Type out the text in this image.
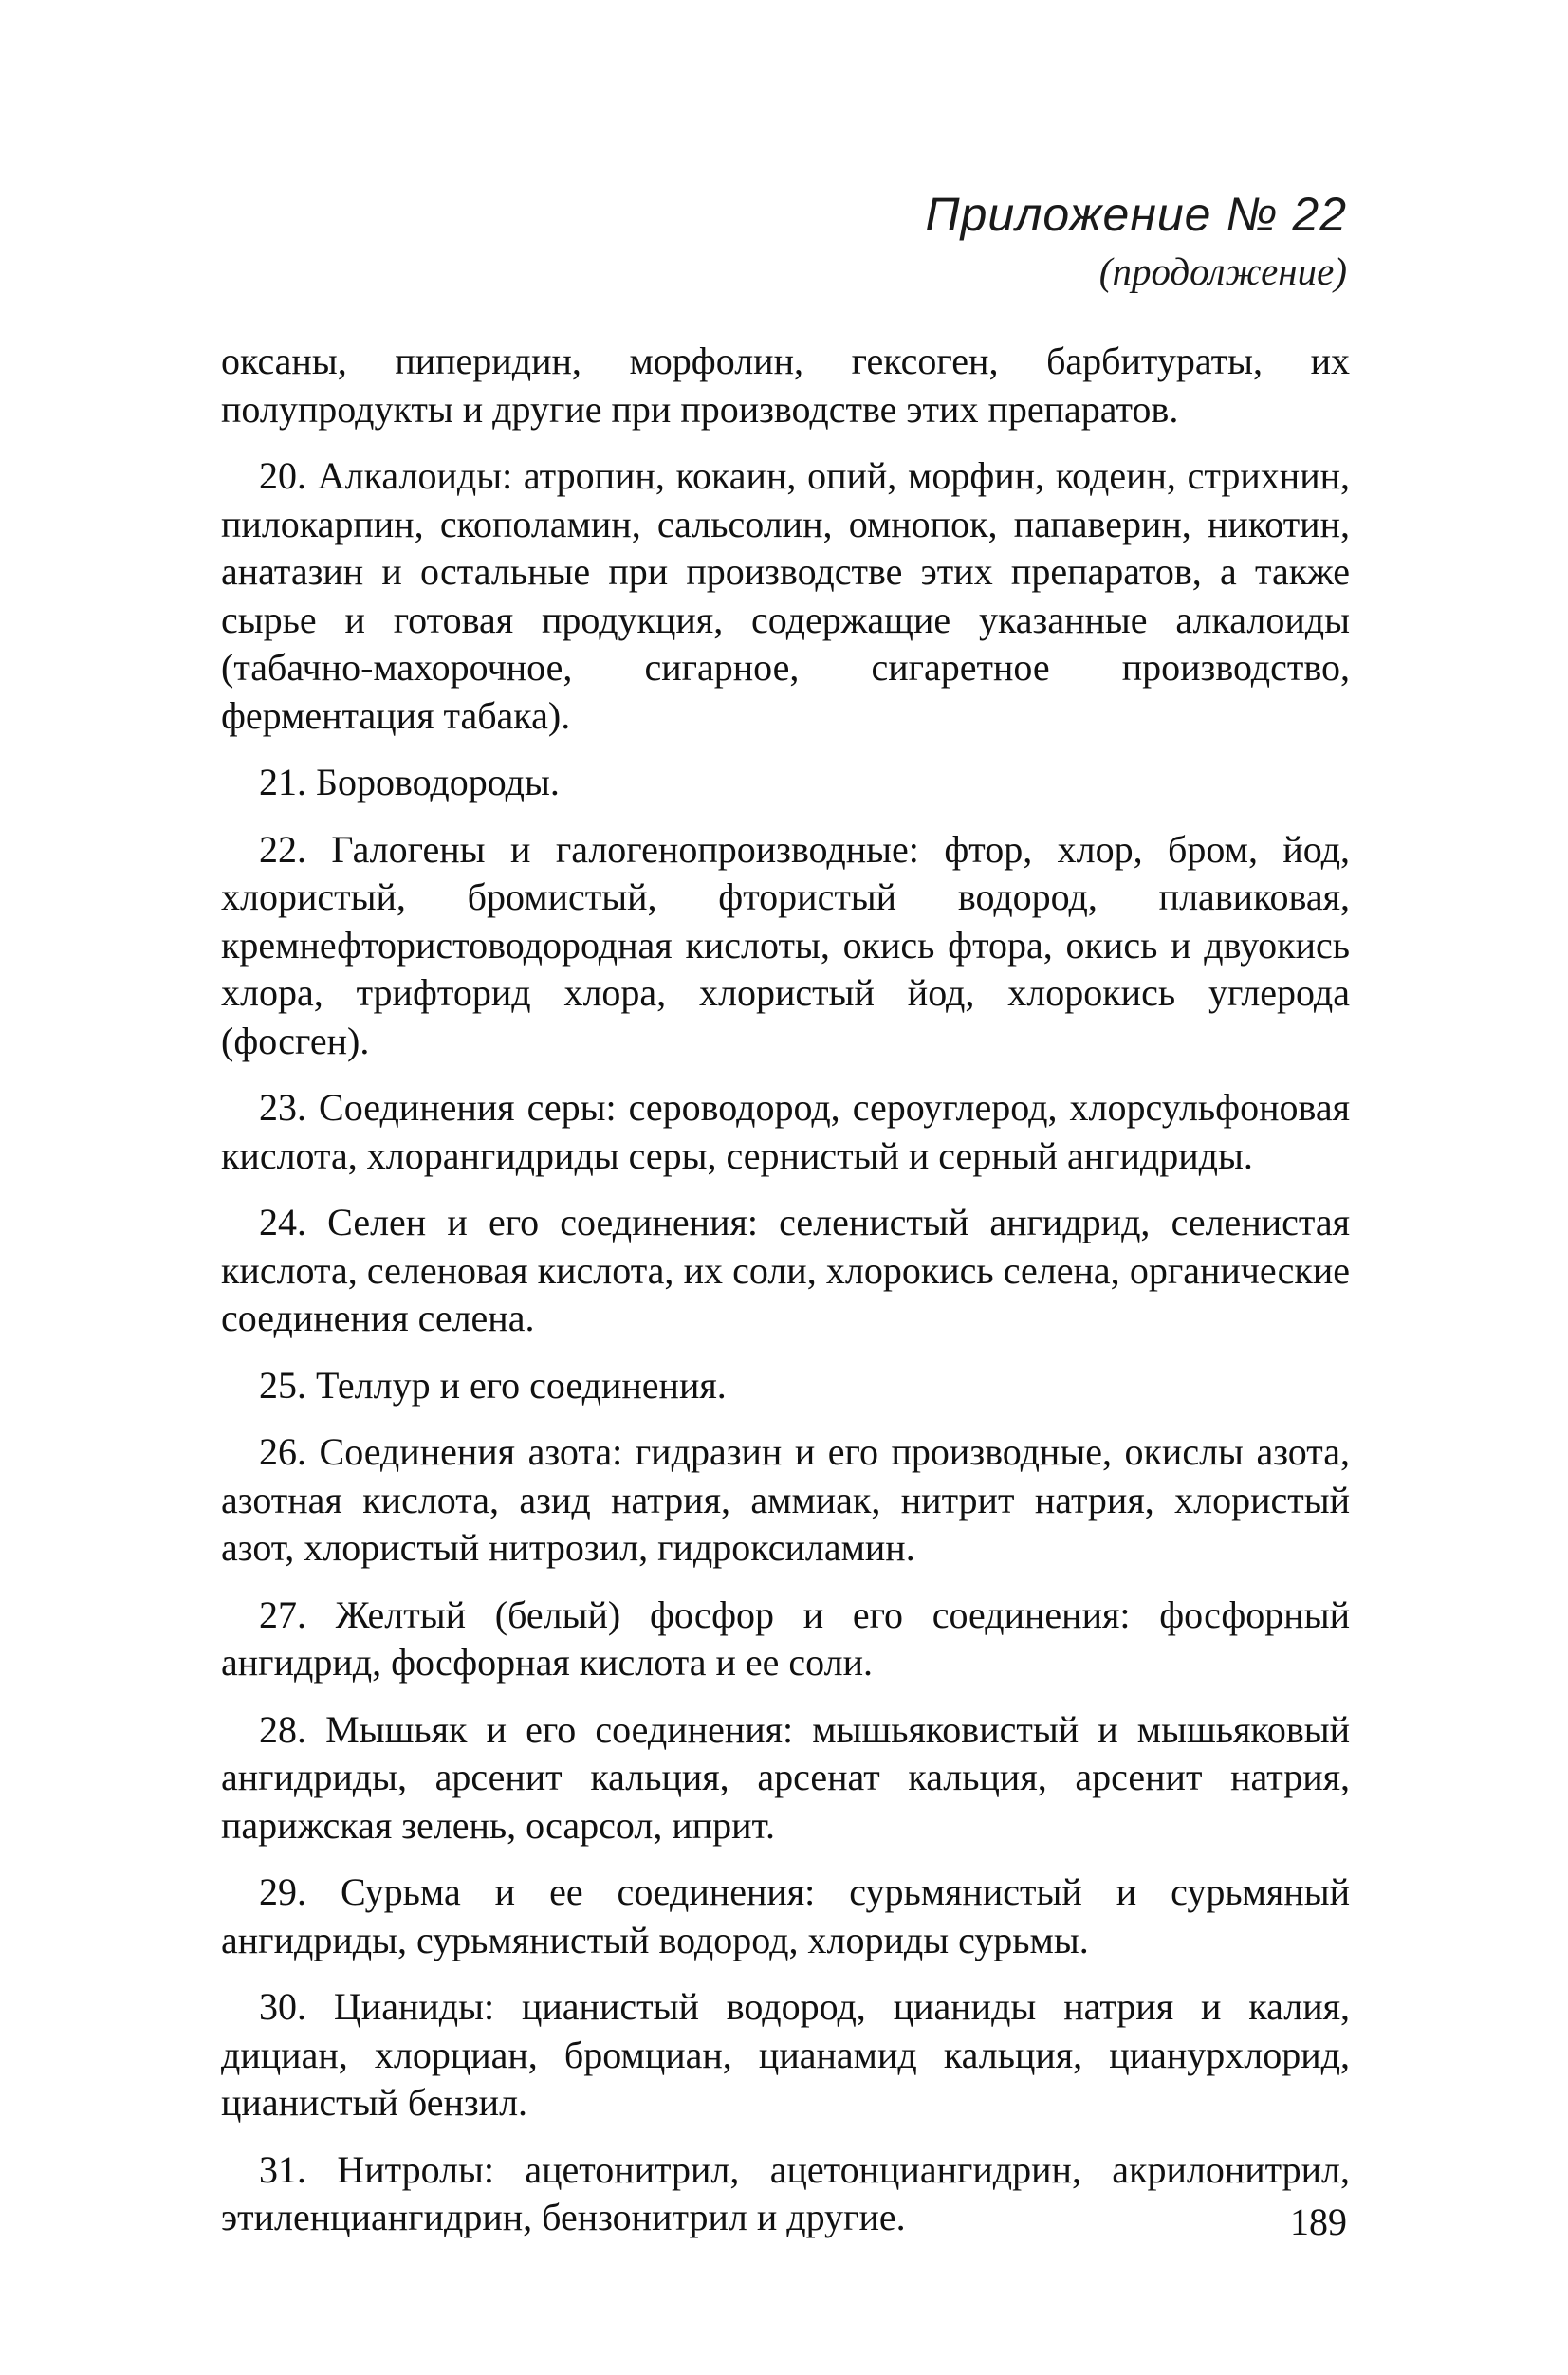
Приложение № 22
(продолжение)

оксаны, пиперидин, морфолин, гексоген, барбитураты, их полупродукты и другие при производстве этих препаратов.

20. Алкалоиды: атропин, кокаин, опий, морфин, кодеин, стрихнин, пилокарпин, скополамин, сальсолин, омнопок, папаверин, никотин, анатазин и остальные при производстве этих препаратов, а также сырье и готовая продукция, содержащие указанные алкалоиды (табачно-махорочное, сигарное, сигаретное производство, ферментация табака).

21. Бороводороды.

22. Галогены и галогенопроизводные: фтор, хлор, бром, йод, хлористый, бромистый, фтористый водород, плавиковая, кремнефтористоводородная кислоты, окись фтора, окись и двуокись хлора, трифторид хлора, хлористый йод, хлорокись углерода (фосген).

23. Соединения серы: сероводород, сероуглерод, хлорсульфоновая кислота, хлорангидриды серы, сернистый и серный ангидриды.

24. Селен и его соединения: селенистый ангидрид, селенистая кислота, селеновая кислота, их соли, хлорокись селена, органические соединения селена.

25. Теллур и его соединения.

26. Соединения азота: гидразин и его производные, окислы азота, азотная кислота, азид натрия, аммиак, нитрит натрия, хлористый азот, хлористый нитрозил, гидроксиламин.

27. Желтый (белый) фосфор и его соединения: фосфорный ангидрид, фосфорная кислота и ее соли.

28. Мышьяк и его соединения: мышьяковистый и мышьяковый ангидриды, арсенит кальция, арсенат кальция, арсенит натрия, парижская зелень, осарсол, иприт.

29. Сурьма и ее соединения: сурьмянистый и сурьмяный ангидриды, сурьмянистый водород, хлориды сурьмы.

30. Цианиды: цианистый водород, цианиды натрия и калия, дициан, хлорциан, бромциан, цианамид кальция, цианурхлорид, цианистый бензил.

31. Нитролы: ацетонитрил, ацетонциангидрин, акрилонитрил, этиленциангидрин, бензонитрил и другие.	189
